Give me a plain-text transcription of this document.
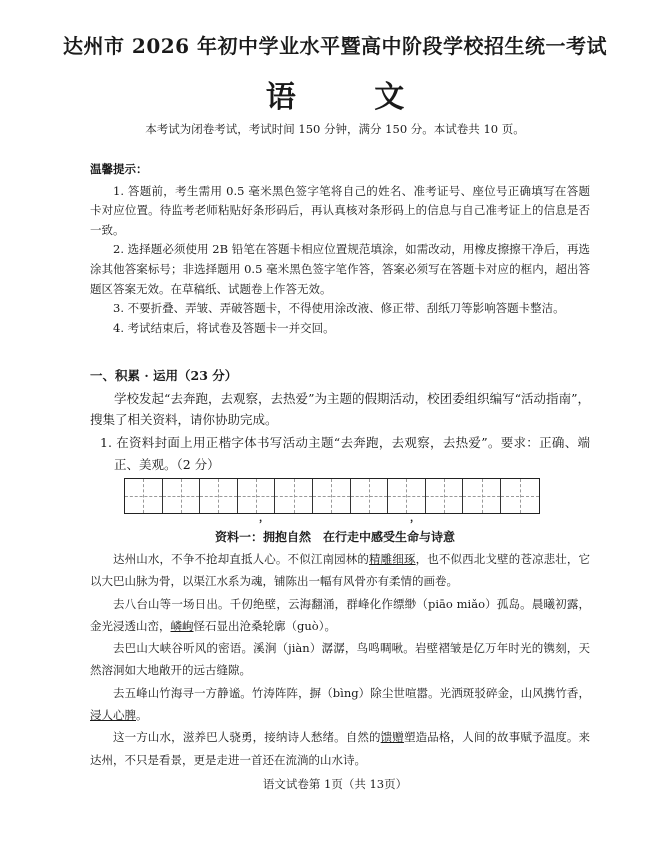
达州市 2026 年初中学业水平暨高中阶段学校招生统一考试
语 文
本考试为闭卷考试，考试时间 150 分钟，满分 150 分。本试卷共 10 页。
温馨提示：

1. 答题前，考生需用 0.5 毫米黑色签字笔将自己的姓名、准考证号、座位号正确填写在答题卡对应位置。待监考老师粘贴好条形码后，再认真核对条形码上的信息与自己准考证上的信息是否一致。

2. 选择题必须使用 2B 铅笔在答题卡相应位置规范填涂，如需改动，用橡皮擦擦干净后，再选涂其他答案标号；非选择题用 0.5 毫米黑色签字笔作答，答案必须写在答题卡对应的框内，超出答题区答案无效。在草稿纸、试题卷上作答无效。

3. 不要折叠、弄皱、弄破答题卡，不得使用涂改液、修正带、刮纸刀等影响答题卡整洁。

4. 考试结束后，将试卷及答题卡一并交回。

一、积累 · 运用（23 分）
学校发起“去奔跑，去观察，去热爱”为主题的假期活动，校团委组织编写“活动指南”，搜集了相关资料，请你协助完成。
1. 在资料封面上用正楷字体书写活动主题“去奔跑，去观察，去热爱”。要求：正确、端正、美观。（2 分）
，	，
资料一：拥抱自然　在行走中感受生命与诗意

达州山水，不争不抢却直抵人心。不似江南园林的精雕细琢，也不似西北戈壁的苍凉悲壮，它以大巴山脉为骨，以渠江水系为魂，铺陈出一幅有风骨亦有柔情的画卷。

去八台山等一场日出。千仞绝壁，云海翻涌，群峰化作缥缈（piāo miǎo）孤岛。晨曦初露，金光浸透山峦，嶙峋怪石显出沧桑轮廓（guò）。

去巴山大峡谷听风的密语。溪涧（jiàn）潺潺，鸟鸣啁啾。岩壁褶皱是亿万年时光的镌刻，天然溶洞如大地敞开的远古缝隙。

去五峰山竹海寻一方静谧。竹涛阵阵，摒（bìng）除尘世喧嚣。光洒斑驳碎金，山风携竹香，浸人心脾。

这一方山水，滋养巴人骁勇，接纳诗人愁绪。自然的馈赠塑造品格，人间的故事赋予温度。来达州，不只是看景，更是走进一首还在流淌的山水诗。

语文试卷第 1页（共 13页）
